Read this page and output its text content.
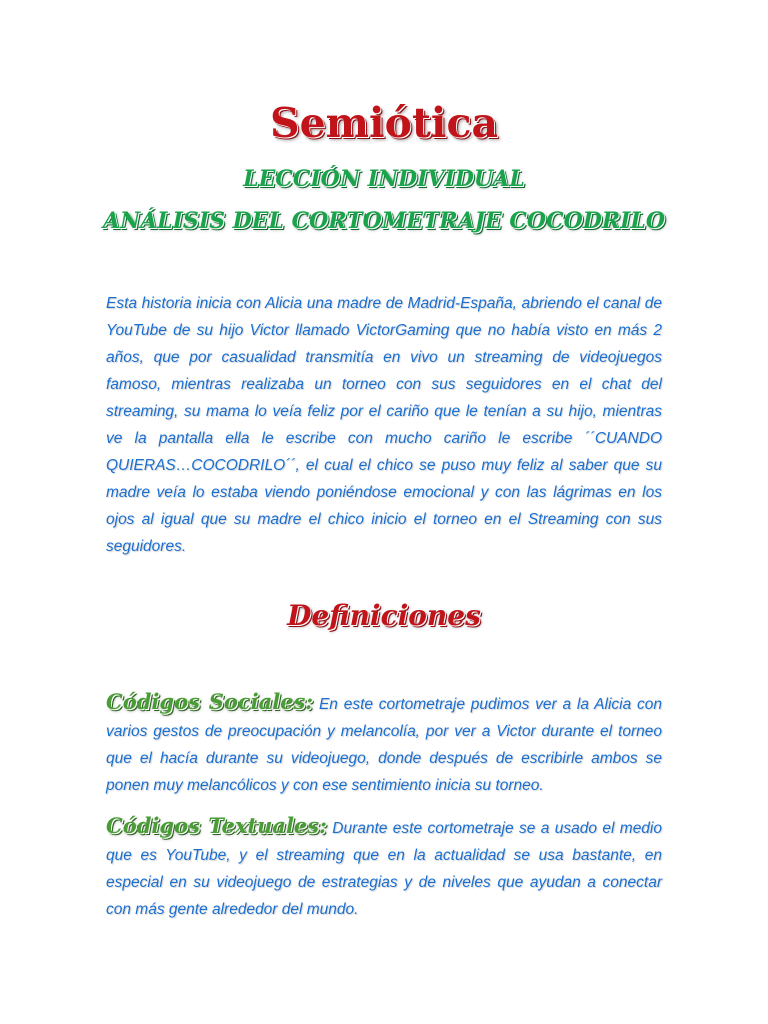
Semiótica
LECCIÓN INDIVIDUAL
ANÁLISIS DEL CORTOMETRAJE COCODRILO
Esta historia inicia con Alicia una madre de Madrid-España, abriendo el canal de YouTube de su hijo Victor llamado VictorGaming que no había visto en más 2 años, que por casualidad transmitía en vivo un streaming de videojuegos famoso, mientras realizaba un torneo con sus seguidores en el chat del streaming, su mama lo veía feliz por el cariño que le tenían a su hijo, mientras ve la pantalla ella le escribe con mucho cariño le escribe ´´CUANDO QUIERAS…COCODRILO´´, el cual el chico se puso muy feliz al saber que su madre veía lo estaba viendo poniéndose emocional y con las lágrimas en los ojos al igual que su madre el chico inicio el torneo en el Streaming con sus seguidores.
Definiciones
Códigos Sociales: En este cortometraje pudimos ver a la Alicia con varios gestos de preocupación y melancolía, por ver a Victor durante el torneo que el hacía durante su videojuego, donde después de escribirle ambos se ponen muy melancólicos y con ese sentimiento inicia su torneo.
Códigos Textuales: Durante este cortometraje se a usado el medio que es YouTube, y el streaming que en la actualidad se usa bastante, en especial en su videojuego de estrategias y de niveles que ayudan a conectar con más gente alrededor del mundo.
